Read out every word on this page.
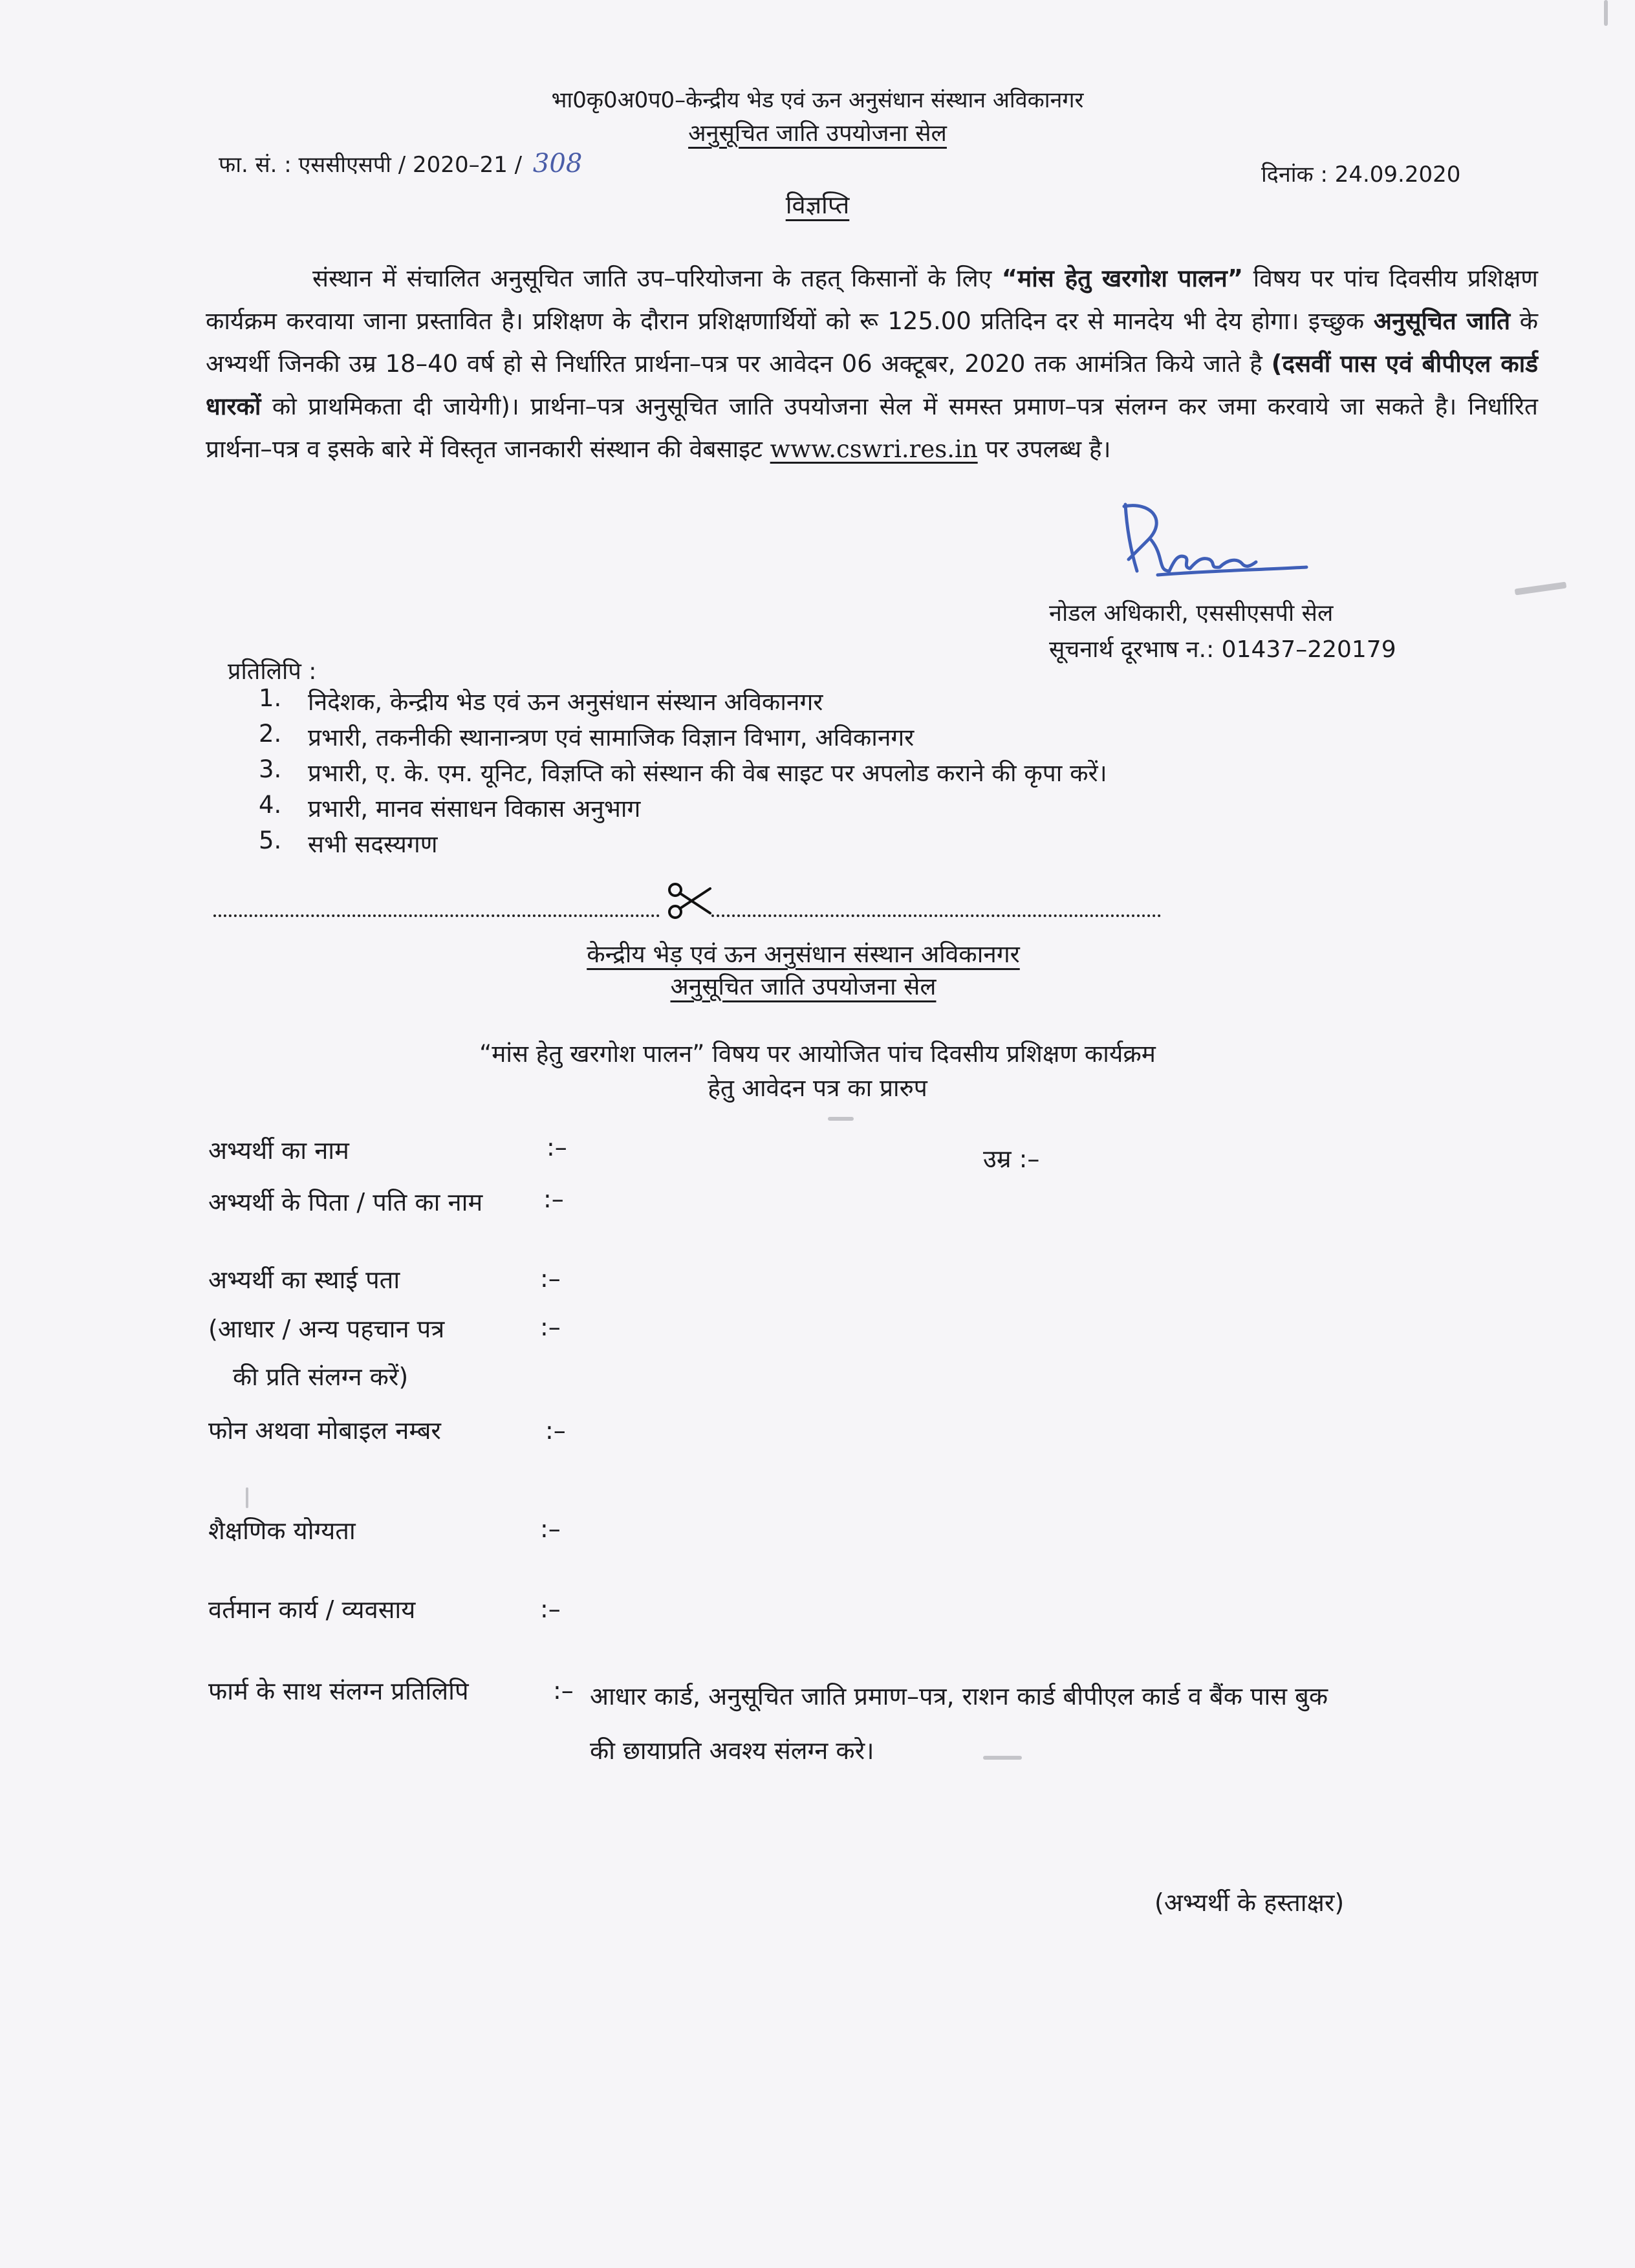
भा0कृ0अ0प0–केन्द्रीय भेड एवं ऊन अनुसंधान संस्थान अविकानगर
अनुसूचित जाति उपयोजना सेल
फा. सं. : एससीएसपी / 2020–21 / 308	दिनांक : 24.09.2020
विज्ञप्ति

संस्थान में संचालित अनुसूचित जाति उप–परियोजना के तहत् किसानों के लिए “मांस हेतु खरगोश पालन” विषय पर पांच दिवसीय प्रशिक्षण कार्यक्रम करवाया जाना प्रस्तावित है। प्रशिक्षण के दौरान प्रशिक्षणार्थियों को रू 125.00 प्रतिदिन दर से मानदेय भी देय होगा। इच्छुक अनुसूचित जाति के अभ्यर्थी जिनकी उम्र 18–40 वर्ष हो से निर्धारित प्रार्थना–पत्र पर आवेदन 06 अक्टूबर, 2020 तक आमंत्रित किये जाते है (दसवीं पास एवं बीपीएल कार्ड धारकों को प्राथमिकता दी जायेगी)। प्रार्थना–पत्र अनुसूचित जाति उपयोजना सेल में समस्त प्रमाण–पत्र संलग्न कर जमा करवाये जा सकते है। निर्धारित प्रार्थना–पत्र व इसके बारे में विस्तृत जानकारी संस्थान की वेबसाइट www.cswri.res.in पर उपलब्ध है।

नोडल अधिकारी, एससीएसपी सेल
सूचनार्थ दूरभाष न.: 01437–220179
प्रतिलिपि :
1. निदेशक, केन्द्रीय भेड एवं ऊन अनुसंधान संस्थान अविकानगर
2. प्रभारी, तकनीकी स्थानान्त्रण एवं सामाजिक विज्ञान विभाग, अविकानगर
3. प्रभारी, ए. के. एम. यूनिट, विज्ञप्ति को संस्थान की वेब साइट पर अपलोड कराने की कृपा करें।
4. प्रभारी, मानव संसाधन विकास अनुभाग
5. सभी सदस्यगण
केन्द्रीय भेड़ एवं ऊन अनुसंधान संस्थान अविकानगर
अनुसूचित जाति उपयोजना सेल
“मांस हेतु खरगोश पालन” विषय पर आयोजित पांच दिवसीय प्रशिक्षण कार्यक्रम
हेतु आवेदन पत्र का प्रारुप
अभ्यर्थी का नाम	:–	उम्र :–
अभ्यर्थी के पिता / पति का नाम :–
अभ्यर्थी का स्थाई पता	:–
(आधार / अन्य पहचान पत्र	:–
की प्रति संलग्न करें)
फोन अथवा मोबाइल नम्बर	:–
शैक्षणिक योग्यता	:–
वर्तमान कार्य / व्यवसाय	:–
फार्म के साथ संलग्न प्रतिलिपि	:– आधार कार्ड, अनुसूचित जाति प्रमाण–पत्र, राशन कार्ड बीपीएल कार्ड व बैंक पास बुक
की छायाप्रति अवश्य संलग्न करे।
(अभ्यर्थी के हस्ताक्षर)
